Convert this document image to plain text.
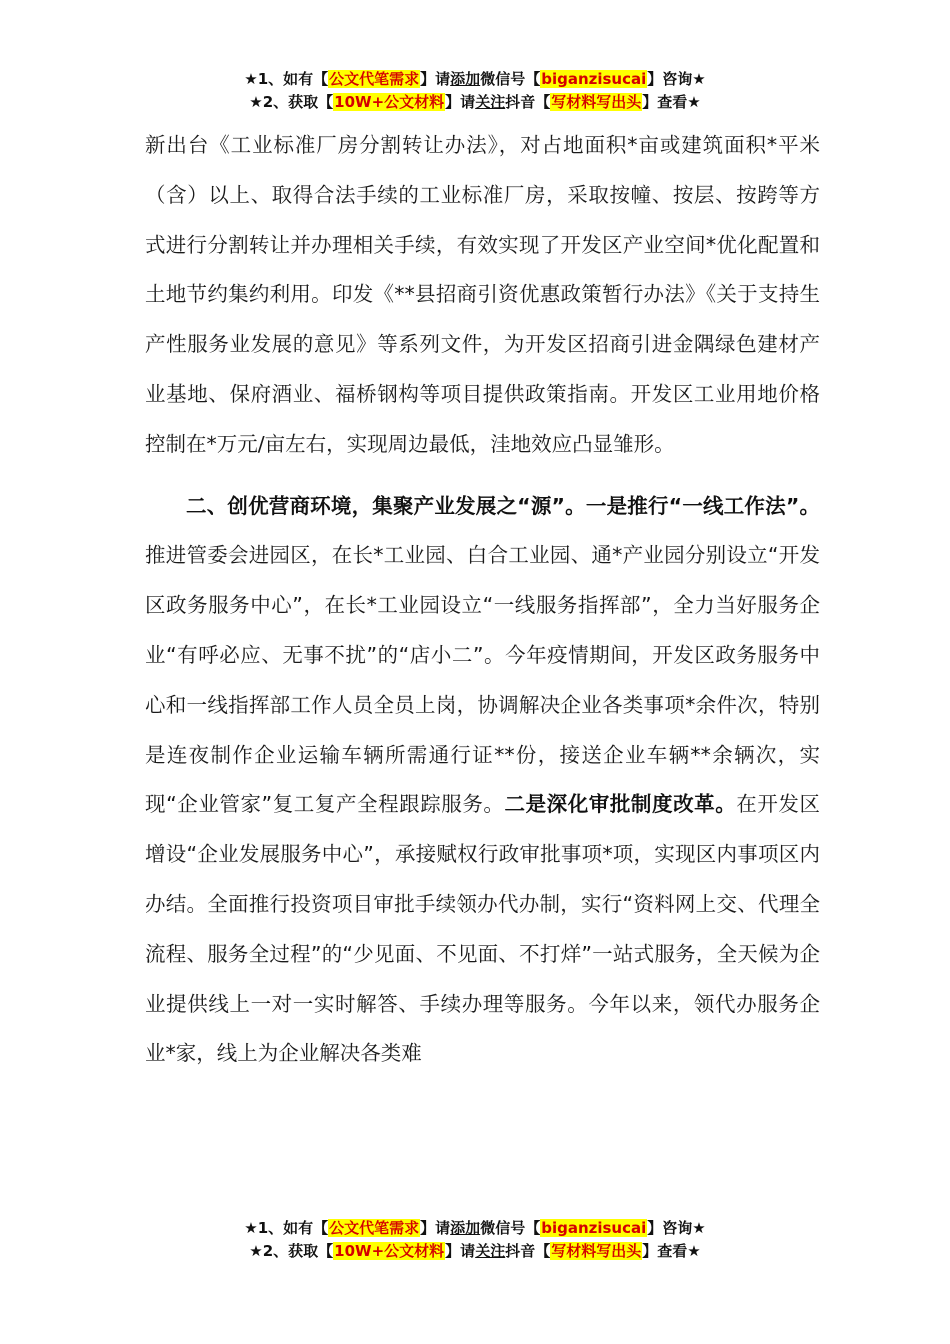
★1、如有【公文代笔需求】请添加微信号【biganzisucai】咨询★
★2、获取【10W+公文材料】请关注抖音【写材料写出头】查看★

新出台《工业标准厂房分割转让办法》，对占地面积*亩或建筑面积*平米（含）以上、取得合法手续的工业标准厂房，采取按幢、按层、按跨等方式进行分割转让并办理相关手续，有效实现了开发区产业空间*优化配置和土地节约集约利用。印发《**县招商引资优惠政策暂行办法》《关于支持生产性服务业发展的意见》等系列文件，为开发区招商引进金隅绿色建材产业基地、保府酒业、福桥钢构等项目提供政策指南。开发区工业用地价格控制在*万元/亩左右，实现周边最低，洼地效应凸显雏形。

二、创优营商环境，集聚产业发展之“源”。一是推行“一线工作法”。推进管委会进园区，在长*工业园、白合工业园、通*产业园分别设立“开发区政务服务中心”，在长*工业园设立“一线服务指挥部”，全力当好服务企业“有呼必应、无事不扰”的“店小二”。今年疫情期间，开发区政务服务中心和一线指挥部工作人员全员上岗，协调解决企业各类事项*余件次，特别是连夜制作企业运输车辆所需通行证**份，接送企业车辆**余辆次，实现“企业管家”复工复产全程跟踪服务。二是深化审批制度改革。在开发区增设“企业发展服务中心”，承接赋权行政审批事项*项，实现区内事项区内办结。全面推行投资项目审批手续领办代办制，实行“资料网上交、代理全流程、服务全过程”的“少见面、不见面、不打烊”一站式服务，全天候为企业提供线上一对一实时解答、手续办理等服务。今年以来，领代办服务企业*家，线上为企业解决各类难

★1、如有【公文代笔需求】请添加微信号【biganzisucai】咨询★
★2、获取【10W+公文材料】请关注抖音【写材料写出头】查看★
